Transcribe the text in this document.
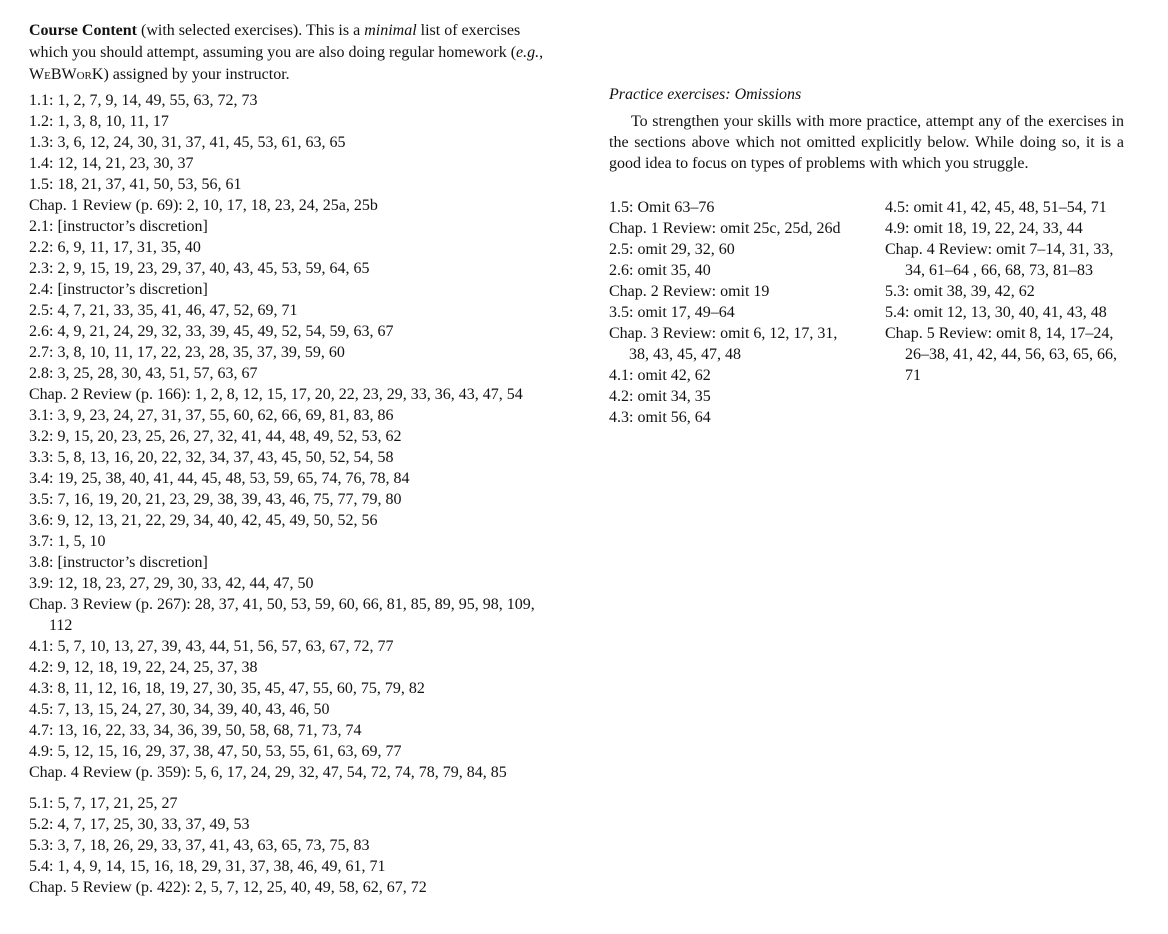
Course Content (with selected exercises). This is a minimal list of exercises which you should attempt, assuming you are also doing regular homework (e.g., WeBWorK) assigned by your instructor.

1.1: 1, 2, 7, 9, 14, 49, 55, 63, 72, 73
1.2: 1, 3, 8, 10, 11, 17
1.3: 3, 6, 12, 24, 30, 31, 37, 41, 45, 53, 61, 63, 65
1.4: 12, 14, 21, 23, 30, 37
1.5: 18, 21, 37, 41, 50, 53, 56, 61
Chap. 1 Review (p. 69): 2, 10, 17, 18, 23, 24, 25a, 25b
2.1: [instructor’s discretion]
2.2: 6, 9, 11, 17, 31, 35, 40
2.3: 2, 9, 15, 19, 23, 29, 37, 40, 43, 45, 53, 59, 64, 65
2.4: [instructor’s discretion]
2.5: 4, 7, 21, 33, 35, 41, 46, 47, 52, 69, 71
2.6: 4, 9, 21, 24, 29, 32, 33, 39, 45, 49, 52, 54, 59, 63, 67
2.7: 3, 8, 10, 11, 17, 22, 23, 28, 35, 37, 39, 59, 60
2.8: 3, 25, 28, 30, 43, 51, 57, 63, 67
Chap. 2 Review (p. 166): 1, 2, 8, 12, 15, 17, 20, 22, 23, 29, 33, 36, 43, 47, 54
3.1: 3, 9, 23, 24, 27, 31, 37, 55, 60, 62, 66, 69, 81, 83, 86
3.2: 9, 15, 20, 23, 25, 26, 27, 32, 41, 44, 48, 49, 52, 53, 62
3.3: 5, 8, 13, 16, 20, 22, 32, 34, 37, 43, 45, 50, 52, 54, 58
3.4: 19, 25, 38, 40, 41, 44, 45, 48, 53, 59, 65, 74, 76, 78, 84
3.5: 7, 16, 19, 20, 21, 23, 29, 38, 39, 43, 46, 75, 77, 79, 80
3.6: 9, 12, 13, 21, 22, 29, 34, 40, 42, 45, 49, 50, 52, 56
3.7: 1, 5, 10
3.8: [instructor’s discretion]
3.9: 12, 18, 23, 27, 29, 30, 33, 42, 44, 47, 50
Chap. 3 Review (p. 267): 28, 37, 41, 50, 53, 59, 60, 66, 81, 85, 89, 95, 98, 109, 112
4.1: 5, 7, 10, 13, 27, 39, 43, 44, 51, 56, 57, 63, 67, 72, 77
4.2: 9, 12, 18, 19, 22, 24, 25, 37, 38
4.3: 8, 11, 12, 16, 18, 19, 27, 30, 35, 45, 47, 55, 60, 75, 79, 82
4.5: 7, 13, 15, 24, 27, 30, 34, 39, 40, 43, 46, 50
4.7: 13, 16, 22, 33, 34, 36, 39, 50, 58, 68, 71, 73, 74
4.9: 5, 12, 15, 16, 29, 37, 38, 47, 50, 53, 55, 61, 63, 69, 77
Chap. 4 Review (p. 359): 5, 6, 17, 24, 29, 32, 47, 54, 72, 74, 78, 79, 84, 85
5.1: 5, 7, 17, 21, 25, 27
5.2: 4, 7, 17, 25, 30, 33, 37, 49, 53
5.3: 3, 7, 18, 26, 29, 33, 37, 41, 43, 63, 65, 73, 75, 83
5.4: 1, 4, 9, 14, 15, 16, 18, 29, 31, 37, 38, 46, 49, 61, 71
Chap. 5 Review (p. 422): 2, 5, 7, 12, 25, 40, 49, 58, 62, 67, 72

Practice exercises: Omissions

To strengthen your skills with more practice, attempt any of the exercises in the sections above which not omitted explicitly below. While doing so, it is a good idea to focus on types of problems with which you struggle.

1.5: Omit 63–76
Chap. 1 Review: omit 25c, 25d, 26d
2.5: omit 29, 32, 60
2.6: omit 35, 40
Chap. 2 Review: omit 19
3.5: omit 17, 49–64
Chap. 3 Review: omit 6, 12, 17, 31, 38, 43, 45, 47, 48
4.1: omit 42, 62
4.2: omit 34, 35
4.3: omit 56, 64
4.5: omit 41, 42, 45, 48, 51–54, 71
4.9: omit 18, 19, 22, 24, 33, 44
Chap. 4 Review: omit 7–14, 31, 33, 34, 61–64 , 66, 68, 73, 81–83
5.3: omit 38, 39, 42, 62
5.4: omit 12, 13, 30, 40, 41, 43, 48
Chap. 5 Review: omit 8, 14, 17–24, 26–38, 41, 42, 44, 56, 63, 65, 66, 71
